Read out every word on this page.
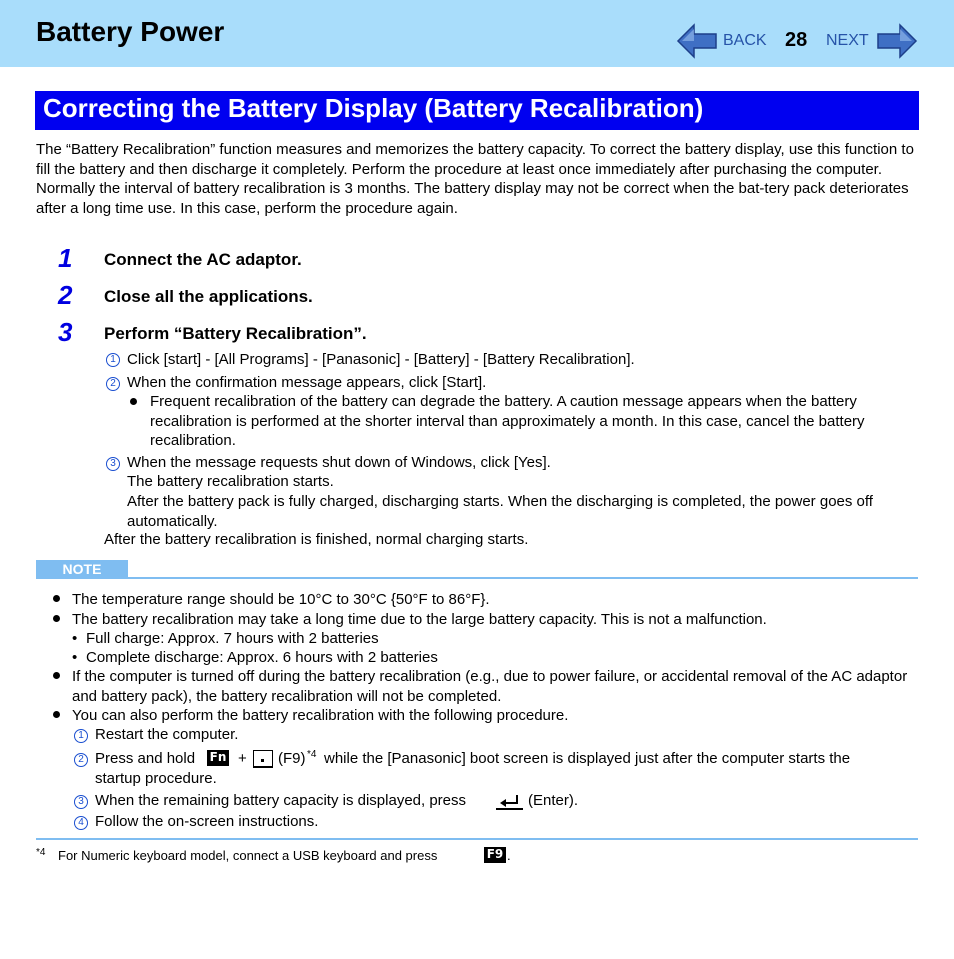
Battery Power	BACK 28 NEXT
Correcting the Battery Display (Battery Recalibration)

The “Battery Recalibration” function measures and memorizes the battery capacity. To correct the battery display, use this function to fill the battery and then discharge it completely. Perform the procedure at least once immediately after purchasing the computer. Normally the interval of battery recalibration is 3 months. The battery display may not be correct when the bat-tery pack deteriorates after a long time use. In this case, perform the procedure again.

1 Connect the AC adaptor.
2 Close all the applications.
3 Perform “Battery Recalibration”.
1 Click [start] - [All Programs] - [Panasonic] - [Battery] - [Battery Recalibration].
2 When the confirmation message appears, click [Start].
Frequent recalibration of the battery can degrade the battery. A caution message appears when the battery recalibration is performed at the shorter interval than approximately a month. In this case, cancel the battery recalibration.
3 When the message requests shut down of Windows, click [Yes].
The battery recalibration starts.
After the battery pack is fully charged, discharging starts. When the discharging is completed, the power goes off automatically.
After the battery recalibration is finished, normal charging starts.
NOTE
The temperature range should be 10°C to 30°C {50°F to 86°F}.
The battery recalibration may take a long time due to the large battery capacity. This is not a malfunction.
• Full charge: Approx. 7 hours with 2 batteries
• Complete discharge: Approx. 6 hours with 2 batteries
If the computer is turned off during the battery recalibration (e.g., due to power failure, or accidental removal of the AC adaptor and battery pack), the battery recalibration will not be completed.
You can also perform the battery recalibration with the following procedure.
1 Restart the computer.
2 Press and hold Fn + (F9) *4 while the [Panasonic] boot screen is displayed just after the computer starts the
startup procedure.
3 When the remaining battery capacity is displayed, press	(Enter).
4 Follow the on-screen instructions.
*4 For Numeric keyboard model, connect a USB keyboard and press	F9 .
